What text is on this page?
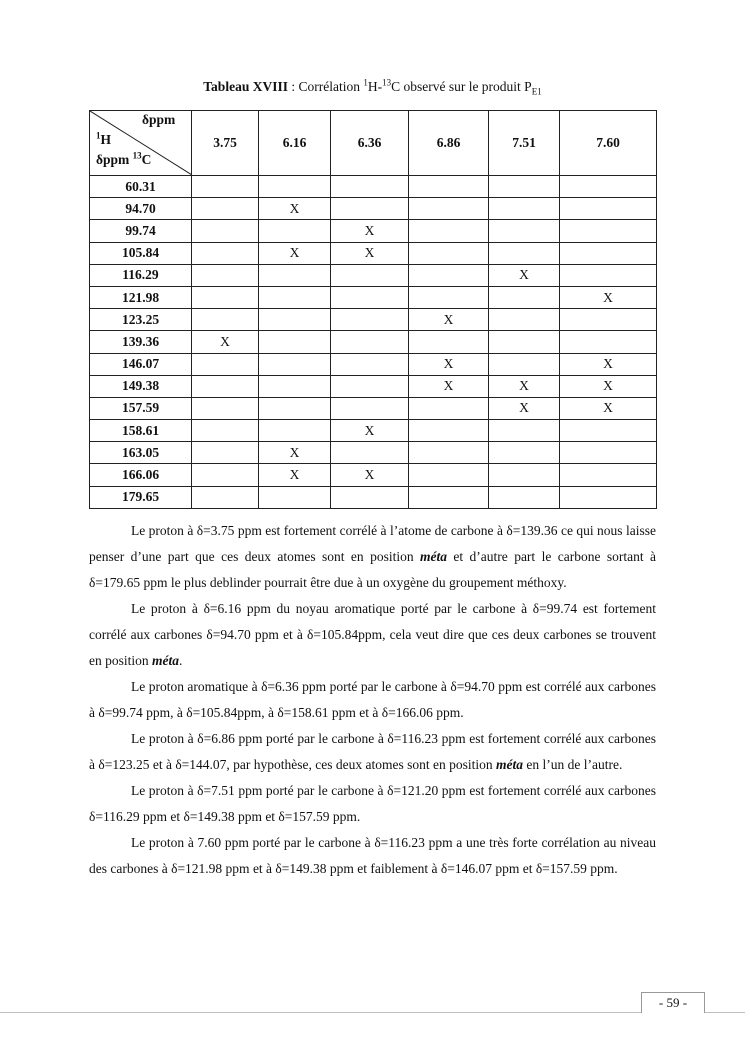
Tableau XVIII : Corrélation $^1$H-$^{13}$C observé sur le produit $P_{E1}$
δppm
$^1$H
δppm $^{13}$C	3.75	6.16	6.36	6.86	7.51	7.60
60.31						
94.70		X				
99.74			X			
105.84		X	X			
116.29					X	
121.98						X
123.25				X		
139.36	X					
146.07				X		X
149.38				X	X	X
157.59					X	X
158.61			X			
163.05		X				
166.06		X	X			
179.65						

Le proton à δ=3.75 ppm est fortement corrélé à l’atome de carbone à δ=139.36 ce qui nous laisse penser d’une part que ces deux atomes sont en position méta et d’autre part le carbone sortant à δ=179.65 ppm le plus deblinder pourrait être due à un oxygène du groupement méthoxy.

Le proton à δ=6.16 ppm du noyau aromatique porté par le carbone à δ=99.74 est fortement corrélé aux carbones δ=94.70 ppm et à δ=105.84ppm, cela veut dire que ces deux carbones se trouvent en position méta.

Le proton aromatique à δ=6.36 ppm porté par le carbone à δ=94.70 ppm est corrélé aux carbones à δ=99.74 ppm, à δ=105.84ppm, à δ=158.61 ppm et à δ=166.06 ppm.

Le proton à δ=6.86 ppm porté par le carbone à δ=116.23 ppm est fortement corrélé aux carbones à δ=123.25 et à δ=144.07, par hypothèse, ces deux atomes sont en position méta en l’un de l’autre.

Le proton à δ=7.51 ppm porté par le carbone à δ=121.20 ppm est fortement corrélé aux carbones δ=116.29 ppm et δ=149.38 ppm et δ=157.59 ppm.

Le proton à 7.60 ppm porté par le carbone à δ=116.23 ppm a une très forte corrélation au niveau des carbones à δ=121.98 ppm et à δ=149.38 ppm et faiblement à δ=146.07 ppm et δ=157.59 ppm.

- 59 -
